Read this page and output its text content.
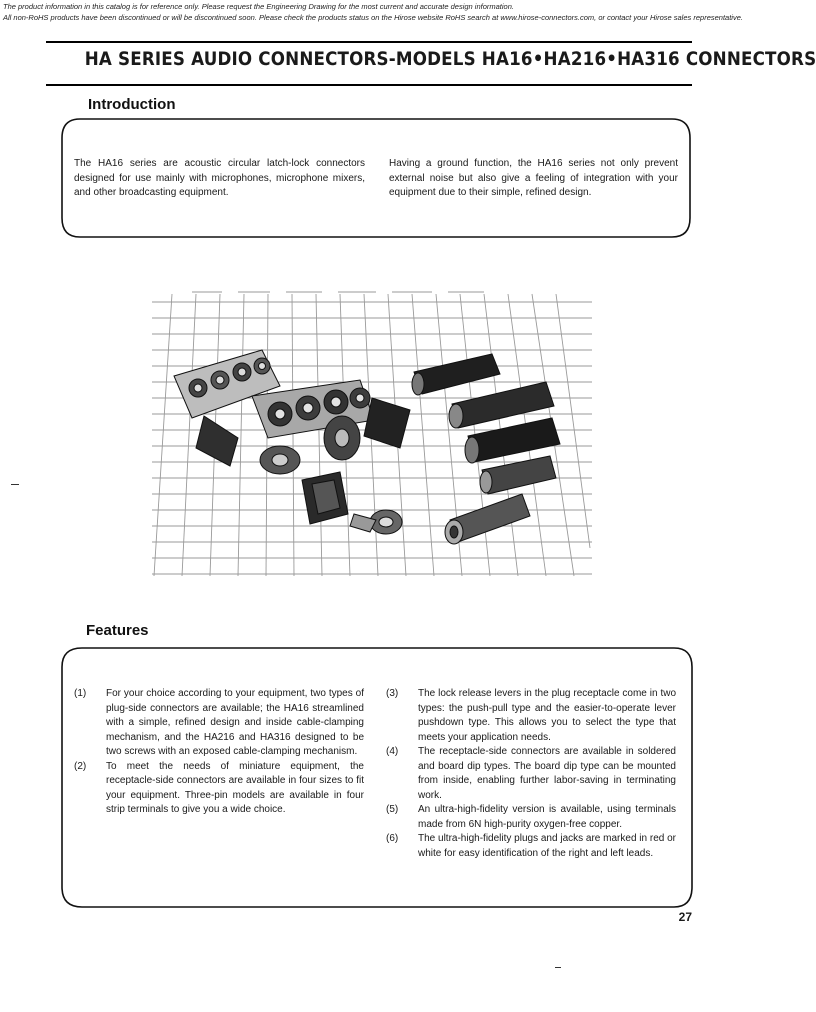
The product information in this catalog is for reference only. Please request the Engineering Drawing for the most current and accurate design information.
All non-RoHS products have been discontinued or will be discontinued soon. Please check the products status on the Hirose website RoHS search at www.hirose-connectors.com, or contact your Hirose sales representative.
HA SERIES AUDIO CONNECTORS-MODELS HA16•HA216•HA316 CONNECTORS
Introduction
The HA16 series are acoustic circular latch-lock connectors designed for use mainly with microphones, microphone mixers, and other broadcasting equipment.
Having a ground function, the HA16 series not only prevent external noise but also give a feeling of integration with your equipment due to their simple, refined design.
Features
(1) For your choice according to your equipment, two types of plug-side connectors are available; the HA16 streamlined with a simple, refined design and inside cable-clamping mechanism, and the HA216 and HA316 designed to be two screws with an exposed cable-clamping mechanism.
(2) To meet the needs of miniature equipment, the receptacle-side connectors are available in four sizes to fit your equipment. Three-pin models are available in four strip terminals to give you a wide choice.
(3) The lock release levers in the plug receptacle come in two types: the push-pull type and the easier-to-operate lever pushdown type. This allows you to select the type that meets your application needs.
(4) The receptacle-side connectors are available in soldered and board dip types. The board dip type can be mounted from inside, enabling further labor-saving in terminating work.
(5) An ultra-high-fidelity version is available, using terminals made from 6N high-purity oxygen-free copper.
(6) The ultra-high-fidelity plugs and jacks are marked in red or white for easy identification of the right and left leads.
27
